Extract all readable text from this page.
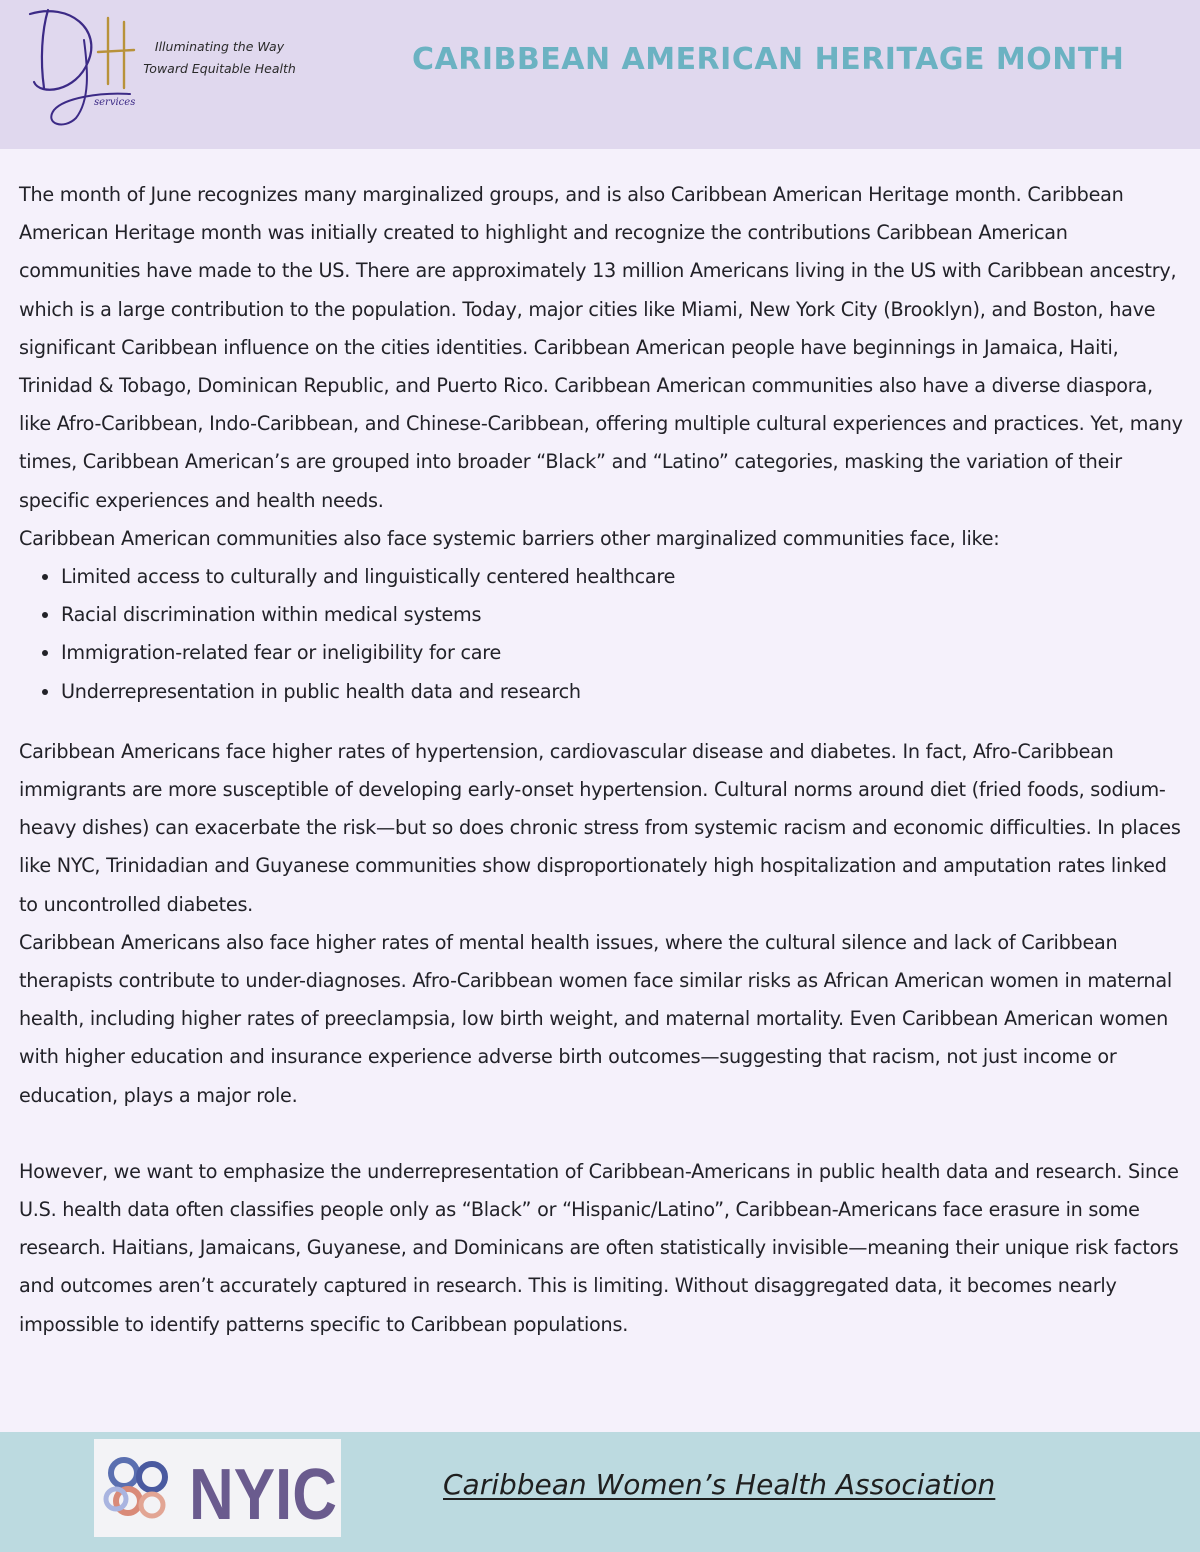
services
Illuminating the Way
Toward Equitable Health	CARIBBEAN AMERICAN HERITAGE MONTH

The month of June recognizes many marginalized groups, and is also Caribbean American Heritage month. Caribbean American Heritage month was initially created to highlight and recognize the contributions Caribbean American communities have made to the US. There are approximately 13 million Americans living in the US with Caribbean ancestry, which is a large contribution to the population. Today, major cities like Miami, New York City (Brooklyn), and Boston, have significant Caribbean influence on the cities identities. Caribbean American people have beginnings in Jamaica, Haiti, Trinidad & Tobago, Dominican Republic, and Puerto Rico. Caribbean American communities also have a diverse diaspora, like Afro-Caribbean, Indo-Caribbean, and Chinese-Caribbean, offering multiple cultural experiences and practices. Yet, many times, Caribbean American’s are grouped into broader “Black” and “Latino” categories, masking the variation of their specific experiences and health needs.

Caribbean American communities also face systemic barriers other marginalized communities face, like:

• Limited access to culturally and linguistically centered healthcare
• Racial discrimination within medical systems
• Immigration-related fear or ineligibility for care
• Underrepresentation in public health data and research

Caribbean Americans face higher rates of hypertension, cardiovascular disease and diabetes. In fact, Afro-Caribbean immigrants are more susceptible of developing early-onset hypertension. Cultural norms around diet (fried foods, sodium-heavy dishes) can exacerbate the risk—but so does chronic stress from systemic racism and economic difficulties. In places like NYC, Trinidadian and Guyanese communities show disproportionately high hospitalization and amputation rates linked to uncontrolled diabetes.

Caribbean Americans also face higher rates of mental health issues, where the cultural silence and lack of Caribbean therapists contribute to under-diagnoses. Afro-Caribbean women face similar risks as African American women in maternal health, including higher rates of preeclampsia, low birth weight, and maternal mortality. Even Caribbean American women with higher education and insurance experience adverse birth outcomes—suggesting that racism, not just income or education, plays a major role.

However, we want to emphasize the underrepresentation of Caribbean-Americans in public health data and research. Since U.S. health data often classifies people only as “Black” or “Hispanic/Latino”, Caribbean-Americans face erasure in some research. Haitians, Jamaicans, Guyanese, and Dominicans are often statistically invisible—meaning their unique risk factors and outcomes aren’t accurately captured in research. This is limiting. Without disaggregated data, it becomes nearly impossible to identify patterns specific to Caribbean populations.

NYIC	Caribbean Women’s Health Association
